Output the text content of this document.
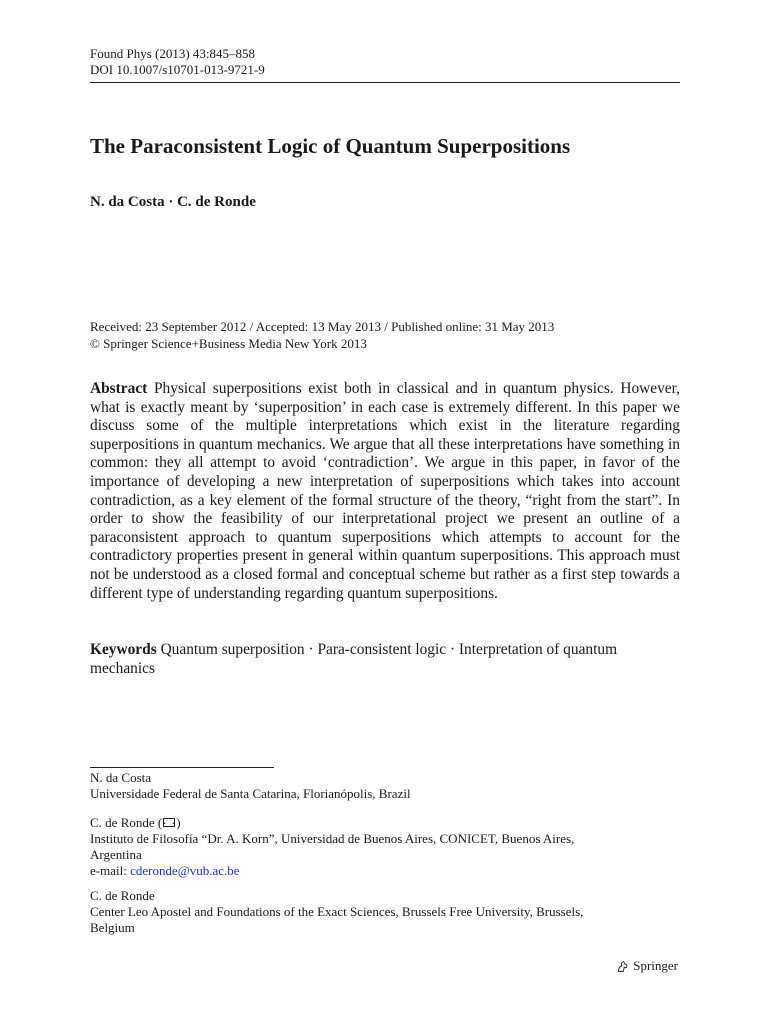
Found Phys (2013) 43:845–858
DOI 10.1007/s10701-013-9721-9
The Paraconsistent Logic of Quantum Superpositions
N. da Costa · C. de Ronde
Received: 23 September 2012 / Accepted: 13 May 2013 / Published online: 31 May 2013
© Springer Science+Business Media New York 2013
Abstract Physical superpositions exist both in classical and in quantum physics. However, what is exactly meant by ‘superposition’ in each case is extremely different. In this paper we discuss some of the multiple interpretations which exist in the literature regarding superpositions in quantum mechanics. We argue that all these interpretations have something in common: they all attempt to avoid ‘contradiction’. We argue in this paper, in favor of the importance of developing a new interpretation of superpositions which takes into account contradiction, as a key element of the formal structure of the theory, “right from the start”. In order to show the feasibility of our interpretational project we present an outline of a paraconsistent approach to quantum superpositions which attempts to account for the contradictory properties present in general within quantum superpositions. This approach must not be understood as a closed formal and conceptual scheme but rather as a first step towards a different type of understanding regarding quantum superpositions.
Keywords Quantum superposition · Para-consistent logic · Interpretation of quantum mechanics
N. da Costa
Universidade Federal de Santa Catarina, Florianópolis, Brazil
C. de Ronde ( )
Instituto de Filosofía “Dr. A. Korn”, Universidad de Buenos Aires, CONICET, Buenos Aires,
Argentina
e-mail: cderonde@vub.ac.be
C. de Ronde
Center Leo Apostel and Foundations of the Exact Sciences, Brussels Free University, Brussels,
Belgium
Springer
